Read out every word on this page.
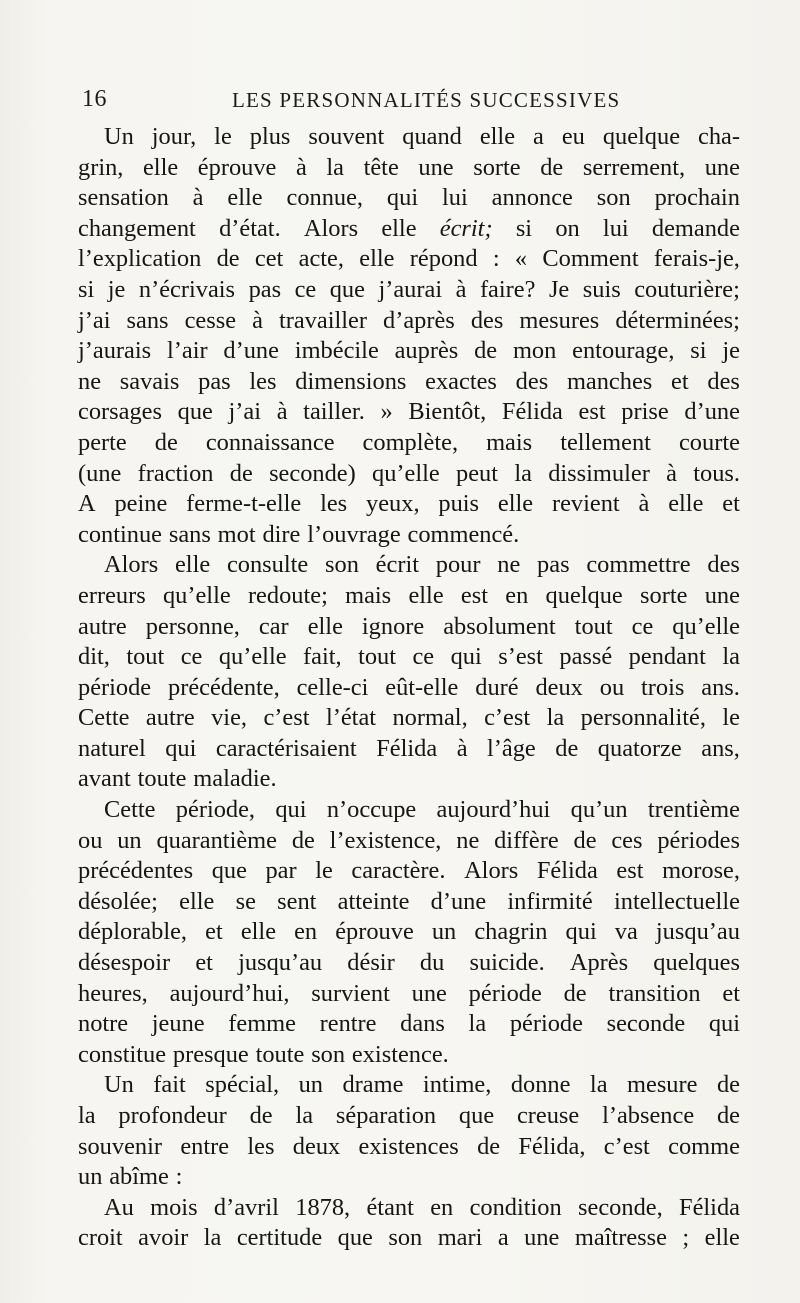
16	LES PERSONNALITÉS SUCCESSIVES
Un jour, le plus souvent quand elle a eu quelque cha-
grin, elle éprouve à la tête une sorte de serrement, une
sensation à elle connue, qui lui annonce son prochain
changement d’état. Alors elle écrit; si on lui demande
l’explication de cet acte, elle répond : « Comment ferais-je,
si je n’écrivais pas ce que j’aurai à faire? Je suis couturière;
j’ai sans cesse à travailler d’après des mesures déterminées;
j’aurais l’air d’une imbécile auprès de mon entourage, si je
ne savais pas les dimensions exactes des manches et des
corsages que j’ai à tailler. » Bientôt, Félida est prise d’une
perte de connaissance complète, mais tellement courte
(une fraction de seconde) qu’elle peut la dissimuler à tous.
A peine ferme-t-elle les yeux, puis elle revient à elle et
continue sans mot dire l’ouvrage commencé.
Alors elle consulte son écrit pour ne pas commettre des
erreurs qu’elle redoute; mais elle est en quelque sorte une
autre personne, car elle ignore absolument tout ce qu’elle
dit, tout ce qu’elle fait, tout ce qui s’est passé pendant la
période précédente, celle-ci eût-elle duré deux ou trois ans.
Cette autre vie, c’est l’état normal, c’est la personnalité, le
naturel qui caractérisaient Félida à l’âge de quatorze ans,
avant toute maladie.
Cette période, qui n’occupe aujourd’hui qu’un trentième
ou un quarantième de l’existence, ne diffère de ces périodes
précédentes que par le caractère. Alors Félida est morose,
désolée; elle se sent atteinte d’une infirmité intellectuelle
déplorable, et elle en éprouve un chagrin qui va jusqu’au
désespoir et jusqu’au désir du suicide. Après quelques
heures, aujourd’hui, survient une période de transition et
notre jeune femme rentre dans la période seconde qui
constitue presque toute son existence.
Un fait spécial, un drame intime, donne la mesure de
la profondeur de la séparation que creuse l’absence de
souvenir entre les deux existences de Félida, c’est comme
un abîme :
Au mois d’avril 1878, étant en condition seconde, Félida
croit avoir la certitude que son mari a une maîtresse ; elle
